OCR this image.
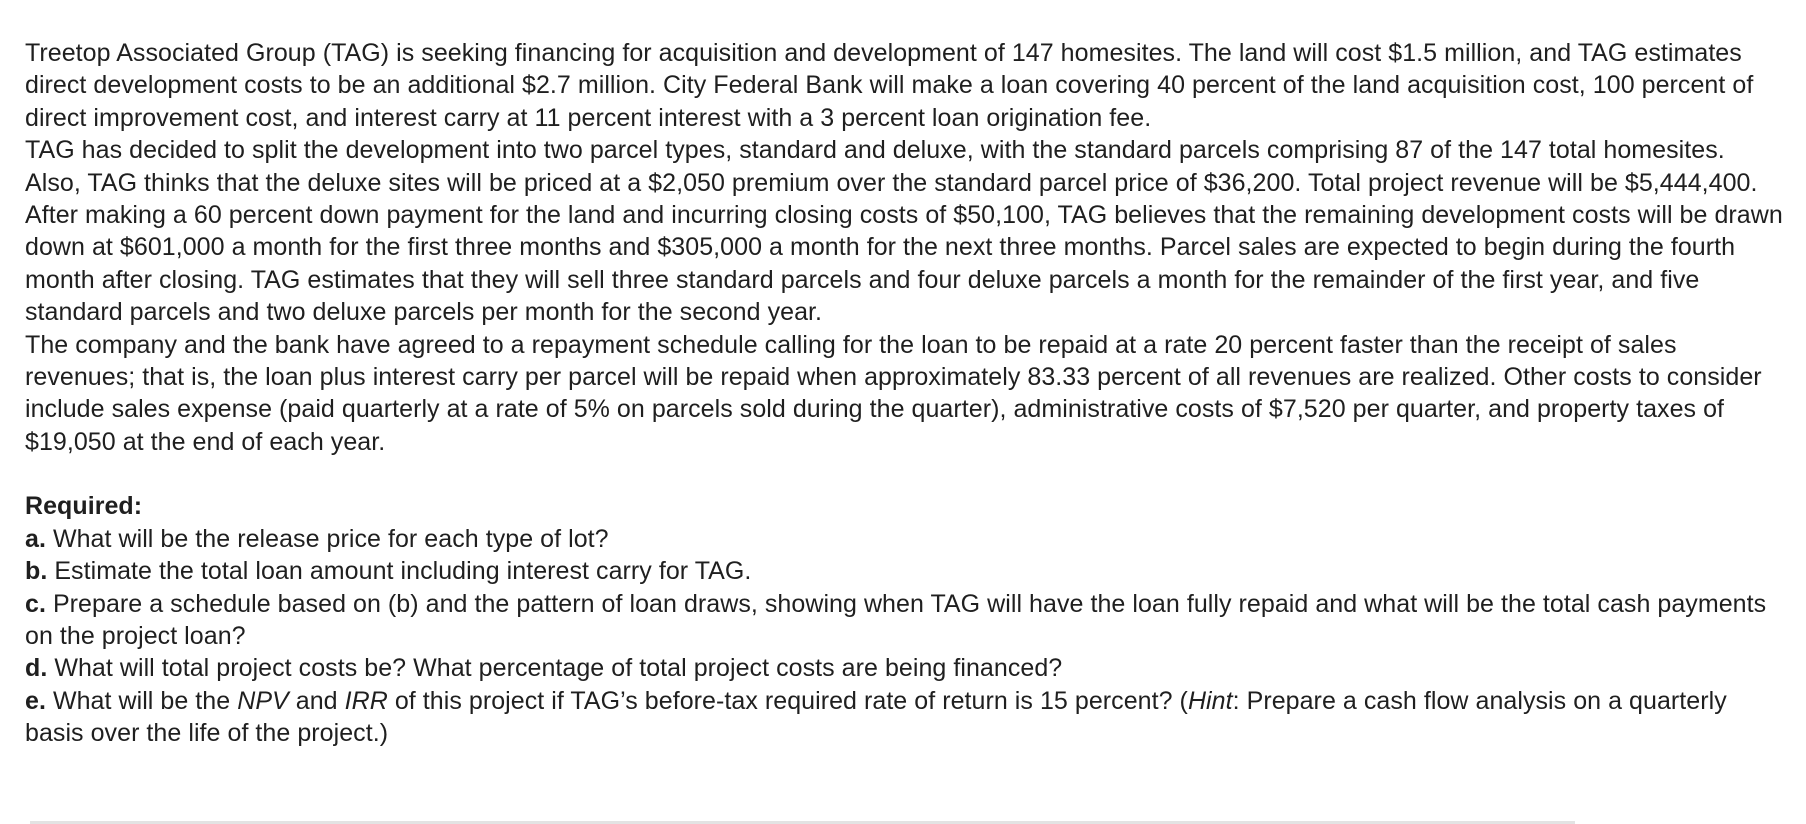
Treetop Associated Group (TAG) is seeking financing for acquisition and development of 147 homesites. The land will cost $1.5 million, and TAG estimates direct development costs to be an additional $2.7 million. City Federal Bank will make a loan covering 40 percent of the land acquisition cost, 100 percent of direct improvement cost, and interest carry at 11 percent interest with a 3 percent loan origination fee.

TAG has decided to split the development into two parcel types, standard and deluxe, with the standard parcels comprising 87 of the 147 total homesites. Also, TAG thinks that the deluxe sites will be priced at a $2,050 premium over the standard parcel price of $36,200. Total project revenue will be $5,444,400. After making a 60 percent down payment for the land and incurring closing costs of $50,100, TAG believes that the remaining development costs will be drawn down at $601,000 a month for the first three months and $305,000 a month for the next three months. Parcel sales are expected to begin during the fourth month after closing. TAG estimates that they will sell three standard parcels and four deluxe parcels a month for the remainder of the first year, and five standard parcels and two deluxe parcels per month for the second year.

The company and the bank have agreed to a repayment schedule calling for the loan to be repaid at a rate 20 percent faster than the receipt of sales revenues; that is, the loan plus interest carry per parcel will be repaid when approximately 83.33 percent of all revenues are realized. Other costs to consider include sales expense (paid quarterly at a rate of 5% on parcels sold during the quarter), administrative costs of $7,520 per quarter, and property taxes of $19,050 at the end of each year.

Required:

a. What will be the release price for each type of lot?

b. Estimate the total loan amount including interest carry for TAG.

c. Prepare a schedule based on (b) and the pattern of loan draws, showing when TAG will have the loan fully repaid and what will be the total cash payments on the project loan?

d. What will total project costs be? What percentage of total project costs are being financed?

e. What will be the NPV and IRR of this project if TAG’s before-tax required rate of return is 15 percent? (Hint: Prepare a cash flow analysis on a quarterly basis over the life of the project.)
